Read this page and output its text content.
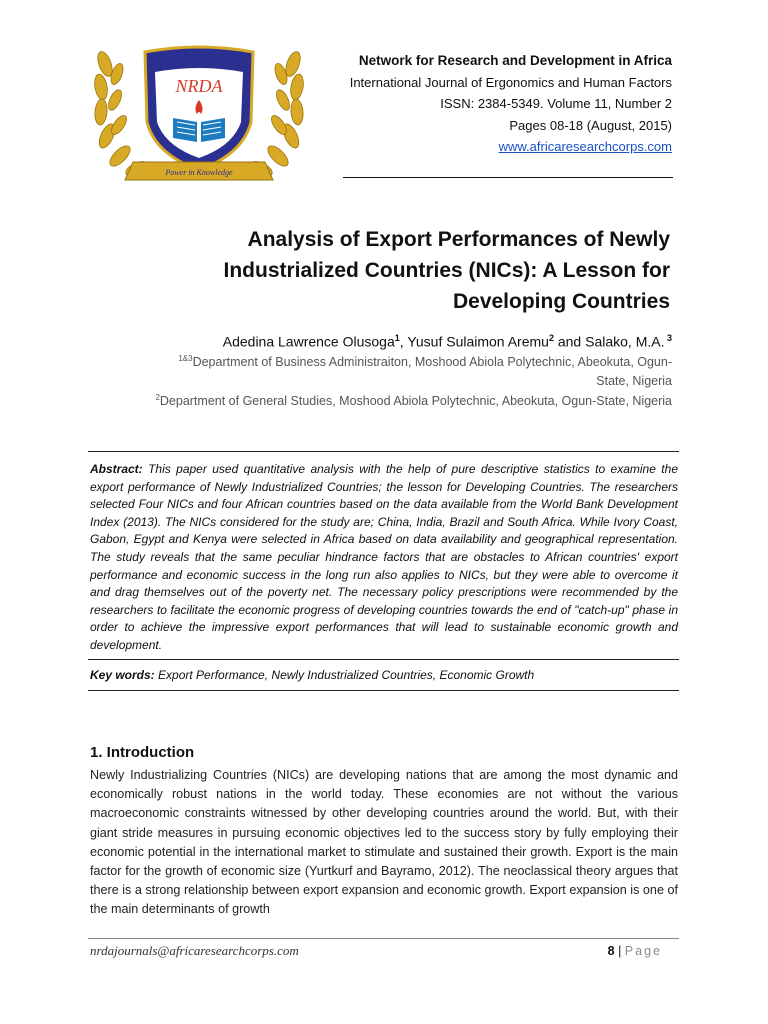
NRDA
Power in Knowledge
Network for Research and Development in Africa
International Journal of Ergonomics and Human Factors
ISSN: 2384-5349. Volume 11, Number 2
Pages 08-18 (August, 2015)
www.africaresearchcorps.com
Analysis of Export Performances of Newly
Industrialized Countries (NICs): A Lesson for
Developing Countries
Adedina Lawrence Olusoga$^1$, Yusuf Sulaimon Aremu$^2$ and Salako, M.A. $^3$
$^{1\&3}$Department of Business Administraiton, Moshood Abiola Polytechnic, Abeokuta, Ogun-
State, Nigeria
$^2$Department of General Studies, Moshood Abiola Polytechnic, Abeokuta, Ogun-State, Nigeria
Abstract: This paper used quantitative analysis with the help of pure descriptive statistics to examine the export performance of Newly Industrialized Countries; the lesson for Developing Countries. The researchers selected Four NICs and four African countries based on the data available from the World Bank Development Index (2013). The NICs considered for the study are; China, India, Brazil and South Africa. While Ivory Coast, Gabon, Egypt and Kenya were selected in Africa based on data availability and geographical representation. The study reveals that the same peculiar hindrance factors that are obstacles to African countries' export performance and economic success in the long run also applies to NICs, but they were able to overcome it and drag themselves out of the poverty net. The necessary policy prescriptions were recommended by the researchers to facilitate the economic progress of developing countries towards the end of "catch-up" phase in order to achieve the impressive export performances that will lead to sustainable economic growth and development.
Key words: Export Performance, Newly Industrialized Countries, Economic Growth
1. Introduction
Newly Industrializing Countries (NICs) are developing nations that are among the most dynamic and economically robust nations in the world today. These economies are not without the various macroeconomic constraints witnessed by other developing countries around the world. But, with their giant stride measures in pursuing economic objectives led to the success story by fully employing their economic potential in the international market to stimulate and sustained their growth. Export is the main factor for the growth of economic size (Yurtkurf and Bayramo, 2012). The neoclassical theory argues that there is a strong relationship between export expansion and economic growth. Export expansion is one of the main determinants of growth
nrdajournals@africaresearchcorps.com	8 | Page
